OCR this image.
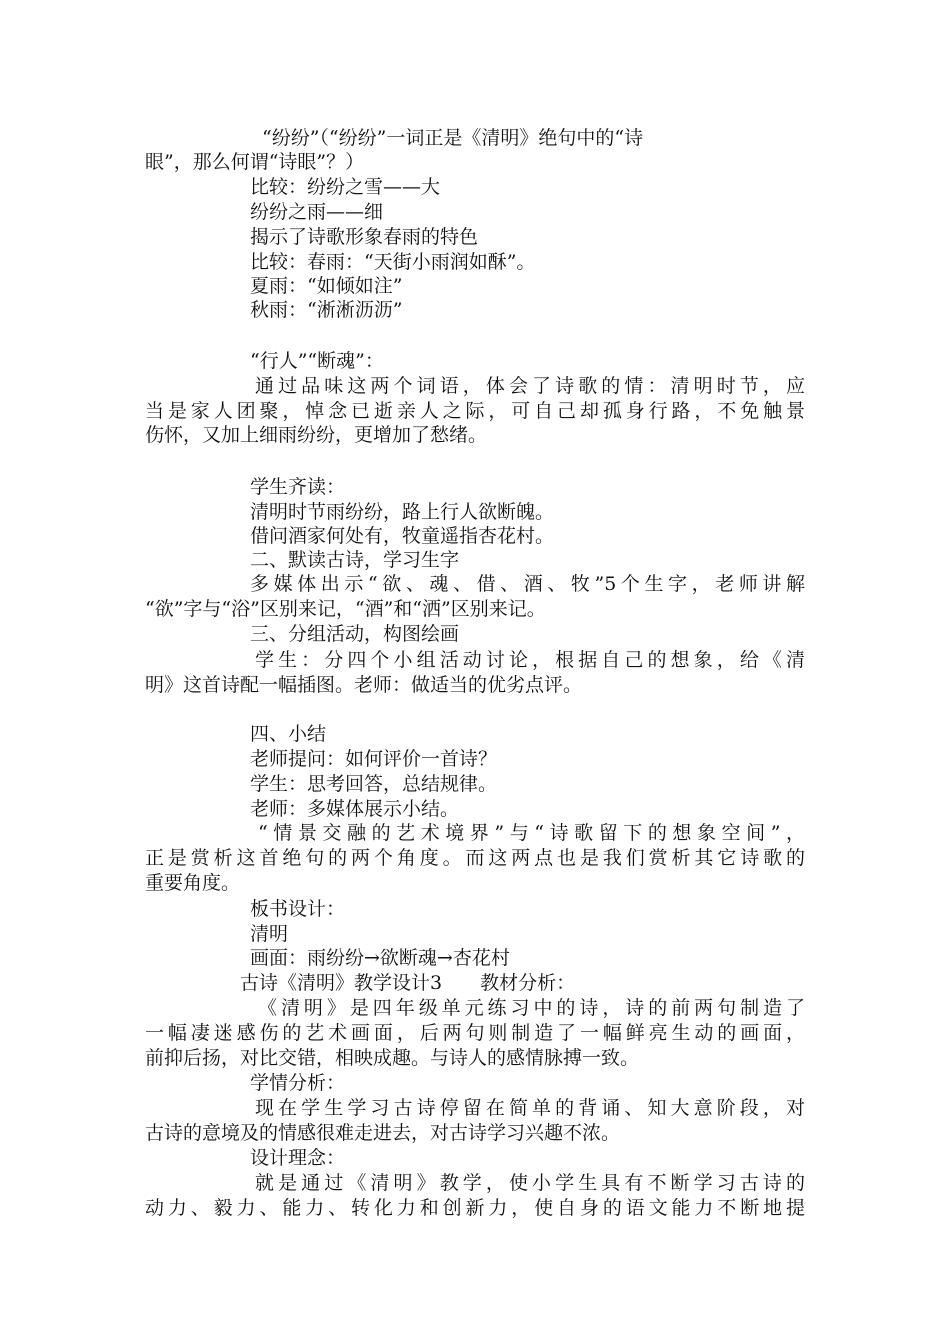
“纷纷”（“纷纷”一词正是《清明》绝句中的“诗
眼”，那么何谓“诗眼”？）
比较：纷纷之雪——大
纷纷之雨——细
揭示了诗歌形象春雨的特色
比较：春雨：“天街小雨润如酥”。
夏雨：“如倾如注”
秋雨：“淅淅沥沥”
“行人”“断魂”：
通过品味这两个词语，体会了诗歌的情：清明时节，应
当是家人团聚，悼念已逝亲人之际，可自己却孤身行路，不免触景
伤怀，又加上细雨纷纷，更增加了愁绪。
学生齐读：
清明时节雨纷纷，路上行人欲断魄。
借问酒家何处有，牧童遥指杏花村。
二、默读古诗，学习生字
多媒体出示“欲、魂、借、酒、牧”5个生字，老师讲解
“欲”字与“浴”区别来记，“酒”和“洒”区别来记。
三、分组活动，构图绘画
学生：分四个小组活动讨论，根据自己的想象，给《清
明》这首诗配一幅插图。老师：做适当的优劣点评。
四、小结
老师提问：如何评价一首诗？
学生：思考回答，总结规律。
老师：多媒体展示小结。
“情景交融的艺术境界”与“诗歌留下的想象空间”，
正是赏析这首绝句的两个角度。而这两点也是我们赏析其它诗歌的
重要角度。
板书设计：
清明
画面：雨纷纷→欲断魂→杏花村
古诗《清明》教学设计3　　教材分析：
《清明》是四年级单元练习中的诗，诗的前两句制造了
一幅凄迷感伤的艺术画面，后两句则制造了一幅鲜亮生动的画面，
前抑后扬，对比交错，相映成趣。与诗人的感情脉搏一致。
学情分析：
现在学生学习古诗停留在简单的背诵、知大意阶段，对
古诗的意境及的情感很难走进去，对古诗学习兴趣不浓。
设计理念：
就是通过《清明》教学，使小学生具有不断学习古诗的
动力、毅力、能力、转化力和创新力，使自身的语文能力不断地提
